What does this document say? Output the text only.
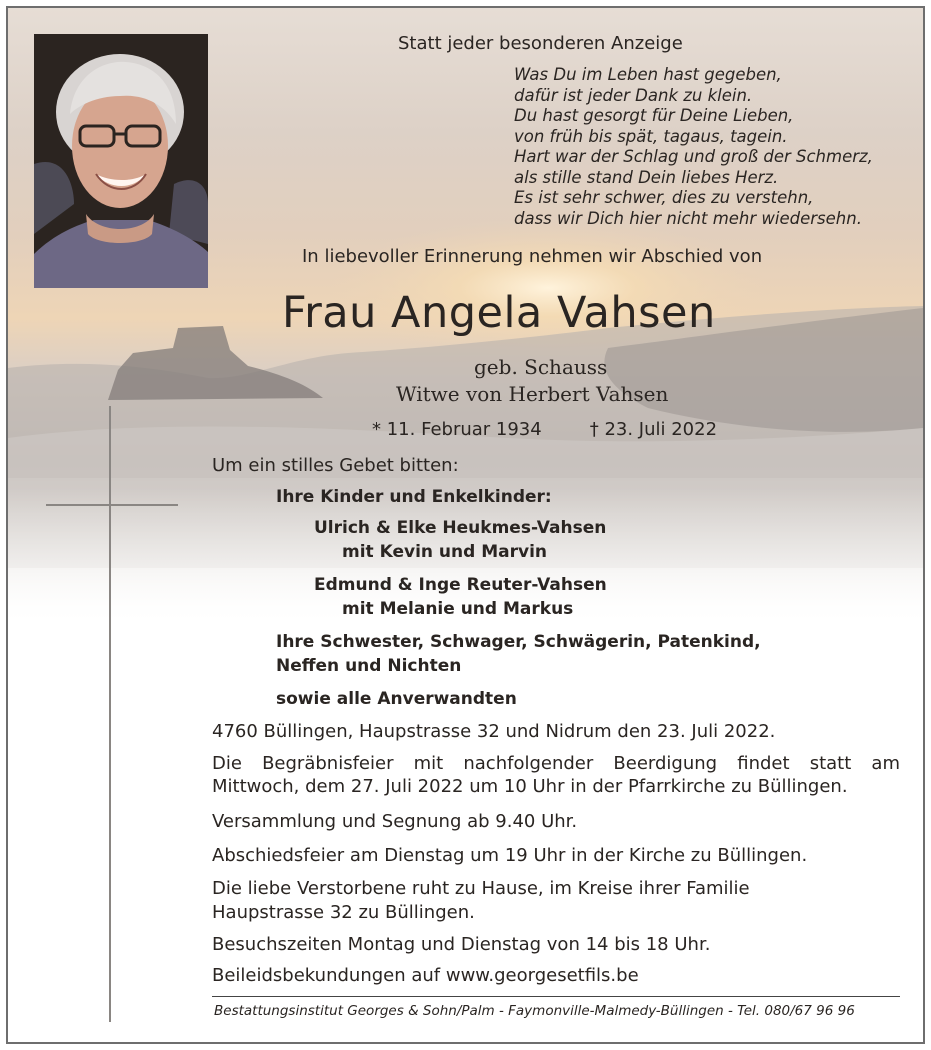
Statt jeder besonderen Anzeige
Was Du im Leben hast gegeben,
dafür ist jeder Dank zu klein.
Du hast gesorgt für Deine Lieben,
von früh bis spät, tagaus, tagein.
Hart war der Schlag und groß der Schmerz,
als stille stand Dein liebes Herz.
Es ist sehr schwer, dies zu verstehn,
dass wir Dich hier nicht mehr wiedersehn.
In liebevoller Erinnerung nehmen wir Abschied von
Frau Angela Vahsen
geb. Schauss
Witwe von Herbert Vahsen
* 11. Februar 1934	† 23. Juli 2022
Um ein stilles Gebet bitten:
Ihre Kinder und Enkelkinder:
Ulrich & Elke Heukmes-Vahsen
mit Kevin und Marvin
Edmund & Inge Reuter-Vahsen
mit Melanie und Markus
Ihre Schwester, Schwager, Schwägerin, Patenkind,
Neffen und Nichten
sowie alle Anverwandten
4760 Büllingen, Haupstrasse 32 und Nidrum den 23. Juli 2022.
Die Begräbnisfeier mit nachfolgender Beerdigung findet statt am
Mittwoch, dem 27. Juli 2022 um 10 Uhr in der Pfarrkirche zu Büllingen.
Versammlung und Segnung ab 9.40 Uhr.
Abschiedsfeier am Dienstag um 19 Uhr in der Kirche zu Büllingen.
Die liebe Verstorbene ruht zu Hause, im Kreise ihrer Familie
Haupstrasse 32 zu Büllingen.
Besuchszeiten Montag und Dienstag von 14 bis 18 Uhr.
Beileidsbekundungen auf www.georgesetfils.be
Bestattungsinstitut Georges & Sohn/Palm - Faymonville-Malmedy-Büllingen - Tel. 080/67 96 96
